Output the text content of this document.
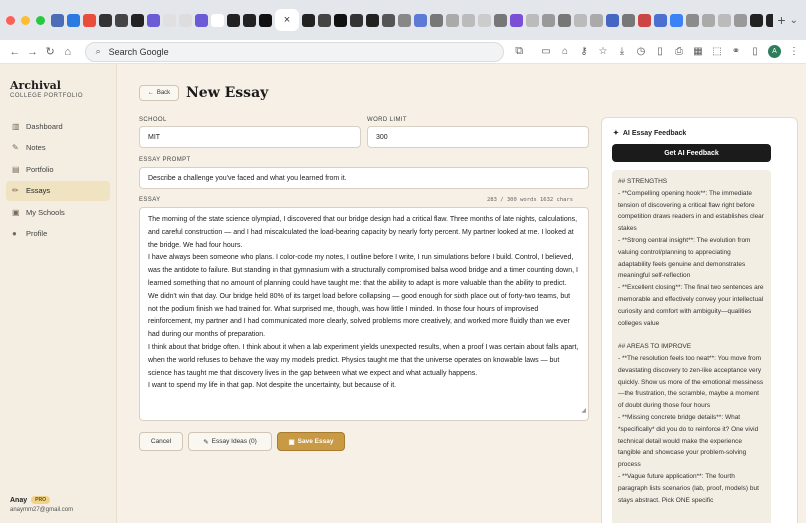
×	+ ⌄
← → ↻ ⌂	⌕ Search Google	⧉	▭ ⌂ ⚷ ☆	⤓	◷	▯	⎙ ▦ ⬚ ⚭	▯	A	⋮
Archival
COLLEGE PORTFOLIO
▥ Dashboard
✎ Notes
▤ Portfolio
✏ Essays
▣ My Schools
●	Profile
Anay	PRO
anaymm27@gmail.com
← Back New Essay
SCHOOL
MIT
WORD LIMIT
300
ESSAY PROMPT
Describe a challenge you've faced and what you learned from it.
ESSAY	283 / 300 words 1632 chars

The morning of the state science olympiad, I discovered that our bridge design had a critical flaw. Three months of late nights, calculations, and careful construction — and I had miscalculated the load-bearing capacity by nearly forty percent. My partner looked at me. I looked at the bridge. We had four hours.

I have always been someone who plans. I color-code my notes, I outline before I write, I run simulations before I build. Control, I believed, was the antidote to failure. But standing in that gymnasium with a structurally compromised balsa wood bridge and a timer counting down, I learned something that no amount of planning could have taught me: that the ability to adapt is more valuable than the ability to predict.

We didn't win that day. Our bridge held 80% of its target load before collapsing — good enough for sixth place out of forty-two teams, but not the podium finish we had trained for. What surprised me, though, was how little I minded. In those four hours of improvised reinforcement, my partner and I had communicated more clearly, solved problems more creatively, and worked more fluidly than we ever had during our months of preparation.

I think about that bridge often. I think about it when a lab experiment yields unexpected results, when a proof I was certain about falls apart, when the world refuses to behave the way my models predict. Physics taught me that the universe operates on knowable laws — but science has taught me that discovery lives in the gap between what we expect and what actually happens.

I want to spend my life in that gap. Not despite the uncertainty, but because of it.

◢
Cancel	✎ Essay Ideas (0)	▣ Save Essay
✦ AI Essay Feedback
Get AI Feedback
## STRENGTHS
- **Compelling opening hook**: The immediate tension of discovering a critical flaw right before competition draws readers in and establishes clear stakes
- **Strong central insight**: The evolution from valuing control/planning to appreciating adaptability feels genuine and demonstrates meaningful self-reflection
- **Excellent closing**: The final two sentences are memorable and effectively convey your intellectual curiosity and comfort with ambiguity—qualities colleges value
## AREAS TO IMPROVE
- **The resolution feels too neat**: You move from devastating discovery to zen-like acceptance very quickly. Show us more of the emotional messiness—the frustration, the scramble, maybe a moment of doubt during those four hours
- **Missing concrete bridge details**: What *specifically* did you do to reinforce it? One vivid technical detail would make the experience tangible and showcase your problem-solving process
- **Vague future application**: The fourth paragraph lists scenarios (lab, proof, models) but stays abstract. Pick ONE specific
